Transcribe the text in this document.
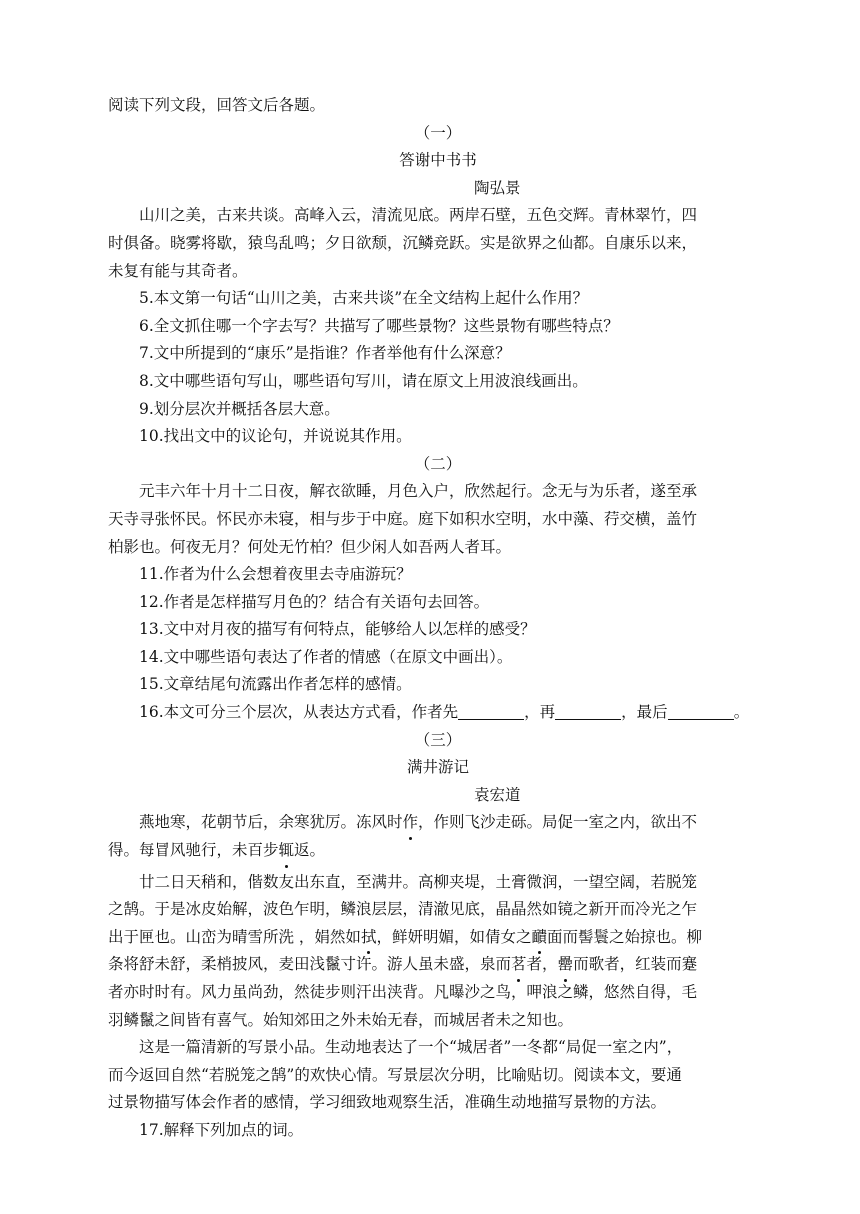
阅读下列文段，回答文后各题。
（一）
答谢中书书
陶弘景
山川之美，古来共谈。高峰入云，清流见底。两岸石壁，五色交辉。青林翠竹，四
时俱备。晓雾将歇，猿鸟乱鸣；夕日欲颓，沉鳞竞跃。实是欲界之仙都。自康乐以来，
未复有能与其奇者。
5.本文第一句话“山川之美，古来共谈”在全文结构上起什么作用？
6.全文抓住哪一个字去写？共描写了哪些景物？这些景物有哪些特点？
7.文中所提到的“康乐”是指谁？作者举他有什么深意？
8.文中哪些语句写山，哪些语句写川，请在原文上用波浪线画出。
9.划分层次并概括各层大意。
10.找出文中的议论句，并说说其作用。
（二）
元丰六年十月十二日夜，解衣欲睡，月色入户，欣然起行。念无与为乐者，遂至承
天寺寻张怀民。怀民亦未寝，相与步于中庭。庭下如积水空明，水中藻、荇交横，盖竹
柏影也。何夜无月？何处无竹柏？但少闲人如吾两人者耳。
11.作者为什么会想着夜里去寺庙游玩？
12.作者是怎样描写月色的？结合有关语句去回答。
13.文中对月夜的描写有何特点，能够给人以怎样的感受？
14.文中哪些语句表达了作者的情感（在原文中画出）。
15.文章结尾句流露出作者怎样的感情。
16.本文可分三个层次，从表达方式看，作者先	，再	，最后	。
（三）
满井游记
袁宏道
燕地寒，花朝节后，余寒犹厉。冻风时作，作则飞沙走砾。局促一室之内，欲出不
得。每冒风驰行，未百步辄返。
廿二日天稍和，偕数友出东直，至满井。高柳夹堤，土膏微润，一望空阔，若脱笼
之鹄。于是冰皮始解，波色乍明，鳞浪层层，清澈见底，晶晶然如镜之新开而冷光之乍
出于匣也。山峦为晴雪所洗 ，娟然如拭，鲜妍明媚，如倩女之靧面而髻鬟之始掠也。柳
条将舒未舒，柔梢披风，麦田浅鬣寸许。游人虽未盛，泉而茗者，罍而歌者，红装而蹇
者亦时时有。风力虽尚劲，然徒步则汗出浃背。凡曝沙之鸟，呷浪之鳞，悠然自得，毛
羽鳞鬣之间皆有喜气。始知郊田之外未始无春，而城居者未之知也。
这是一篇清新的写景小品。生动地表达了一个“城居者”一冬都“局促一室之内”，
而今返回自然“若脱笼之鹄”的欢快心情。写景层次分明，比喻贴切。阅读本文，要通
过景物描写体会作者的感情，学习细致地观察生活，准确生动地描写景物的方法。
17.解释下列加点的词。
